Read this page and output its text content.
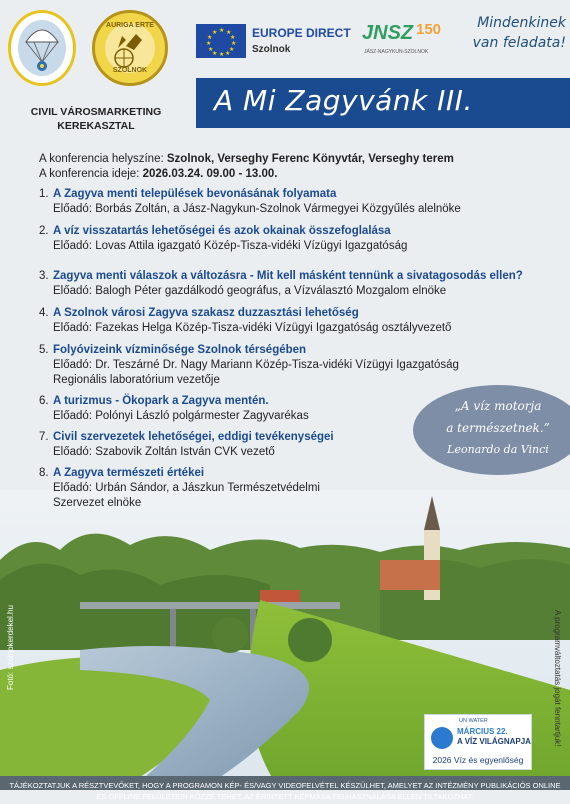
AURIGA ERTE
SZOLNOK
CIVIL VÁROSMARKETING
KEREKASZTAL
★ ★
★
★
★
★
★
★
★
★
★
★	EUROPE DIRECT
Szolnok
JNSZ 150
JÁSZ-NAGYKUN-SZOLNOK
Mindenkinek
van feladata!
A Mi Zagyvánk III.
A konferencia helyszíne: Szolnok, Verseghy Ferenc Könyvtár, Verseghy terem
A konferencia ideje: 2026.03.24. 09.00 - 13.00.
1. A Zagyva menti települések bevonásának folyamata
Előadó: Borbás Zoltán, a Jász-Nagykun-Szolnok Vármegyei Közgyűlés alelnöke
2. A víz visszatartás lehetőségei és azok okainak összefoglalása
Előadó: Lovas Attila igazgató Közép-Tisza-vidéki Vízügyi Igazgatóság
3. Zagyva menti válaszok a változásra - Mit kell másként tennünk a sivatagosodás ellen? Előadó: Balogh Péter gazdálkodó geográfus, a Vízválasztó Mozgalom elnöke
4. A Szolnok városi Zagyva szakasz duzzasztási lehetőség
Előadó: Fazekas Helga Közép-Tisza-vidéki Vízügyi Igazgatóság osztályvezető
5. Folyóvizeink vízminősége Szolnok térségében
Előadó: Dr. Teszárné Dr. Nagy Mariann Közép-Tisza-vidéki Vízügyi Igazgatóság
Regionális laboratórium vezetője
6. A turizmus - Ökopark a Zagyva mentén.
Előadó: Polónyi László polgármester Zagyvarékas
7. Civil szervezetek lehetőségei, eddigi tevékenységei
Előadó: Szabovik Zoltán István CVK vezető
„A víz motorja
a természetnek.”
Leonardo da Vinci
8. A Zagyva természeti értékei
Előadó: Urbán Sándor, a Jászkun Természetvédelmi
Szervezet elnöke
Fotó: szolnokerdekel.hu	A programváltoztatás jogát fenntartjuk!
UN WATER
MÁRCIUS 22.
A VÍZ VILÁGNAPJA
2026 Víz és egyenlőség
TÁJÉKOZTATJUK A RÉSZTVEVŐKET, HOGY A PROGRAMON KÉP- ÉS/VAGY VIDEOFELVÉTEL KÉSZÜLHET, AMELYET AZ INTÉZMÉNY PUBLIKÁCIÓS ONLINE ÉS OFFLINE FELÜLETEIN KÖZZÉ TEHET. AZ ÉRINTETT KÉPMÁSA FELHASZNÁLÁSA ELLEN TILTAKOZHAT.
